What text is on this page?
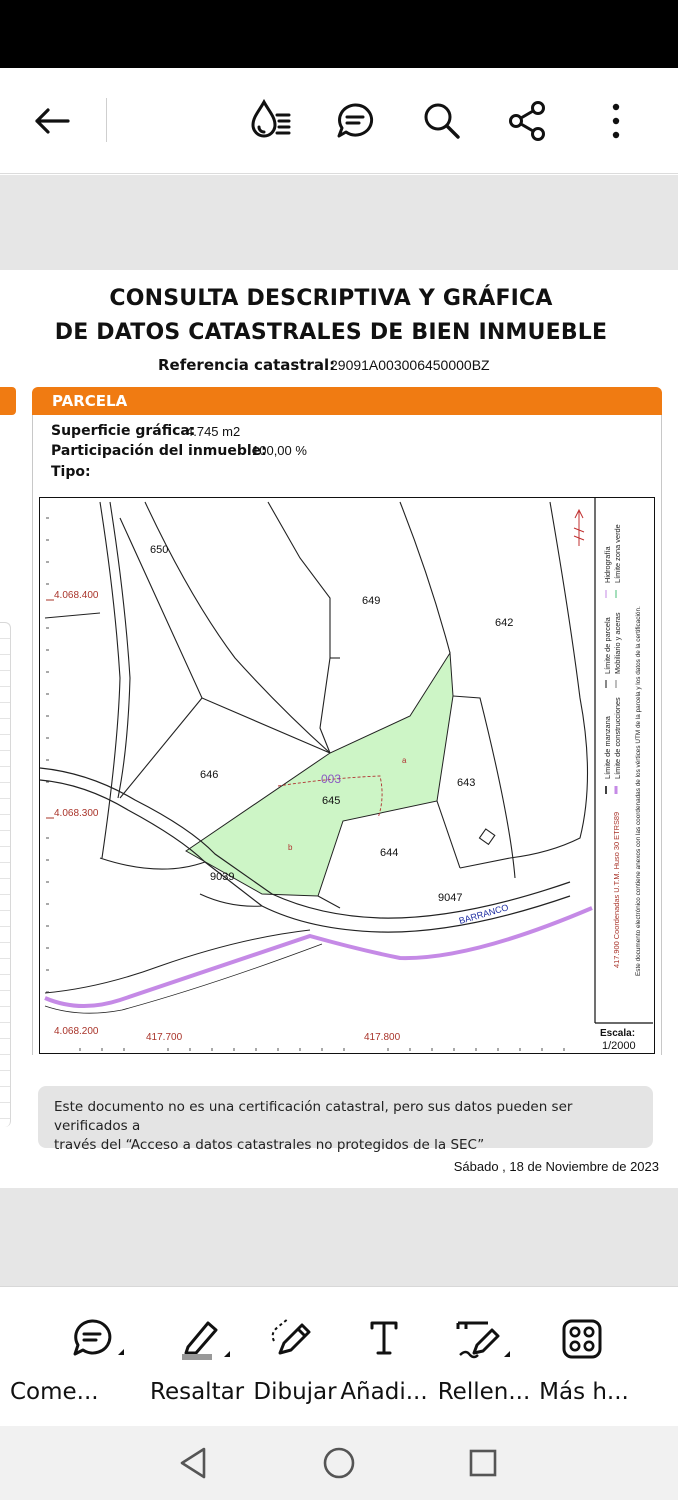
CONSULTA DESCRIPTIVA Y GRÁFICA
DE DATOS CATASTRALES DE BIEN INMUEBLE
Referencia catastral:
29091A003006450000BZ
PARCELA
Superficie gráfica:
4.745 m2
Participación del inmueble:
100,00 %
Tipo:
650
649
642
646
645
643
644
9039
9047
003
a
b
BARRANCO
4.068.400
4.068.300
4.068.200
417.700	417.800
Límite de manzana
Límite de parcela
Hidrografía
Límite de construcciones
Mobiliario y aceras
Límite zona verde
417.900 Coordenadas U.T.M. Huso 30 ETRS89 Este documento electrónico contiene anexos con las coordenadas de los vértices UTM de la parcela y los datos de la certificación.
Escala:
1/2000
Este documento no es una certificación catastral, pero sus datos pueden ser verificados a
través del “Acceso a datos catastrales no protegidos de la SEC”
Sábado , 18 de Noviembre de 2023
Come...	Resaltar Dibujar Añadi... Rellen... Más h...
